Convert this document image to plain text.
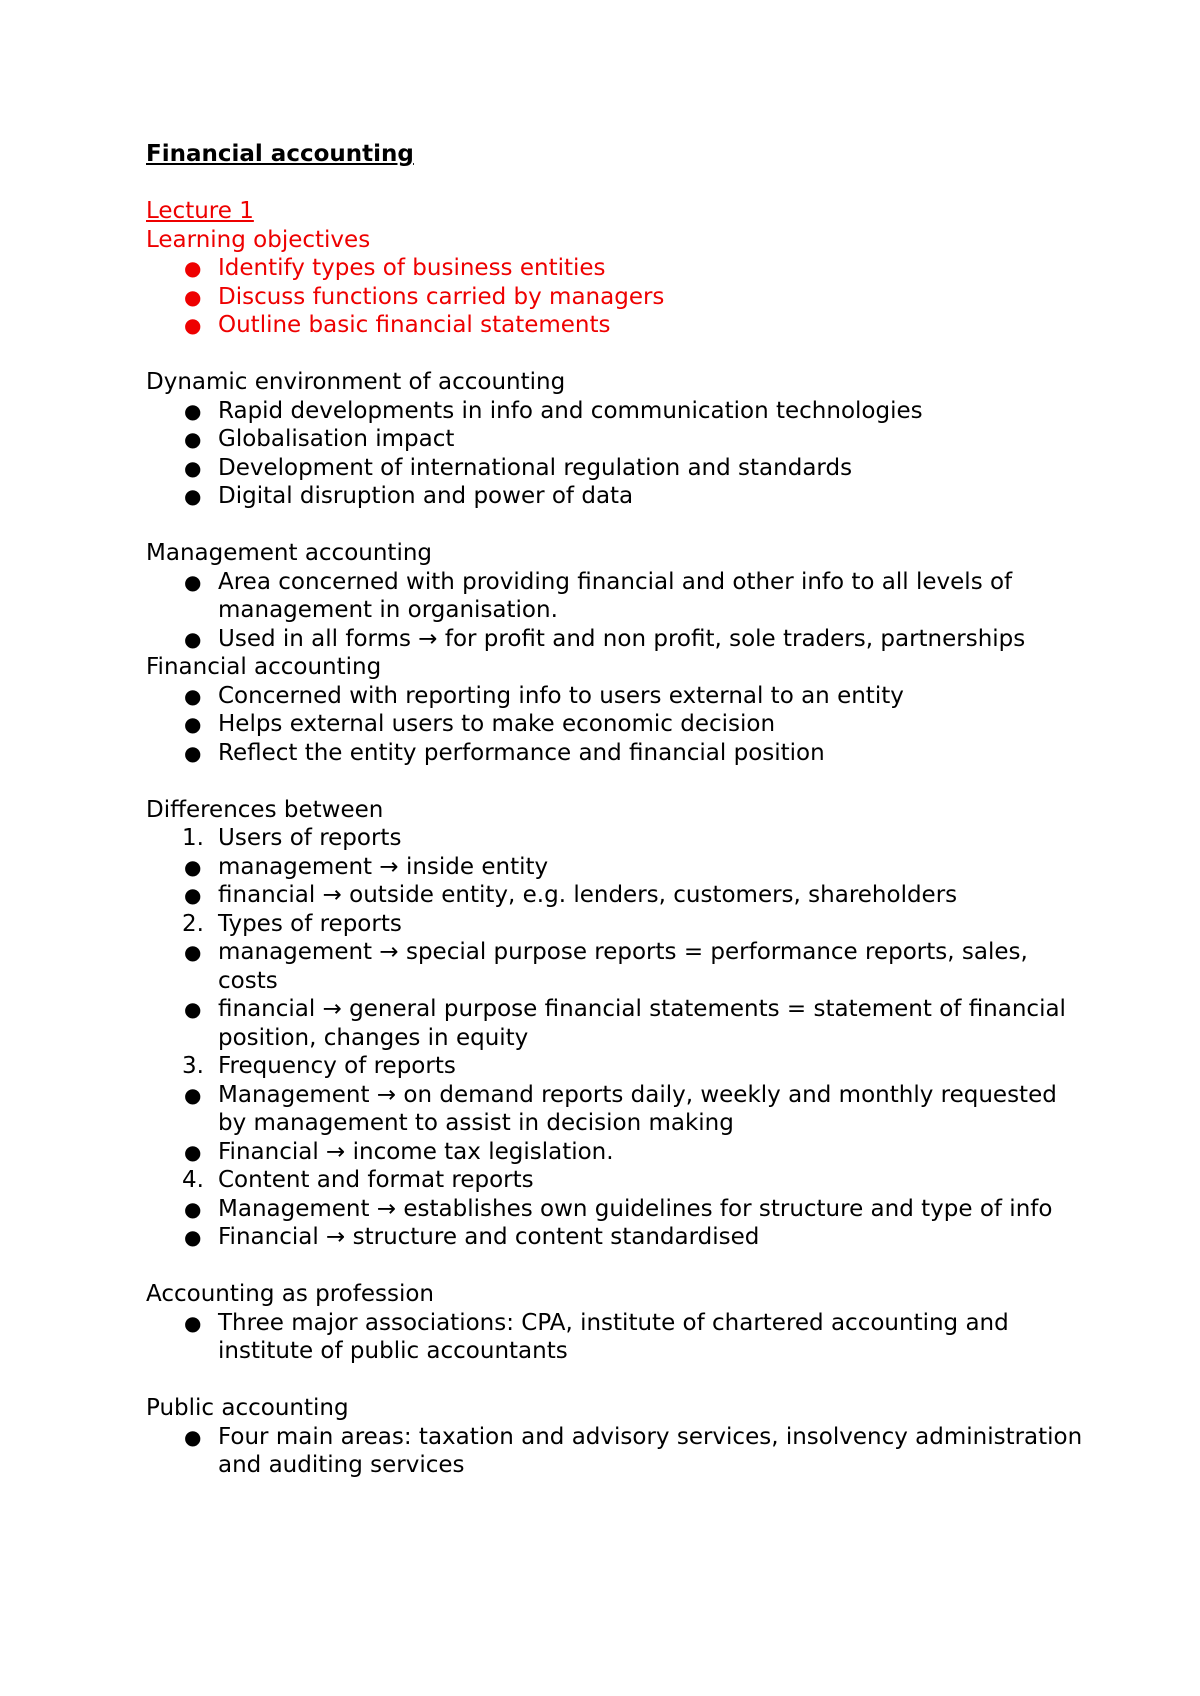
Financial accounting
Lecture 1
Learning objectives
● Identify types of business entities
● Discuss functions carried by managers
● Outline basic financial statements
Dynamic environment of accounting
● Rapid developments in info and communication technologies
● Globalisation impact
● Development of international regulation and standards
● Digital disruption and power of data
Management accounting
● Area concerned with providing financial and other info to all levels of management in organisation.
● Used in all forms → for profit and non profit, sole traders, partnerships
Financial accounting
● Concerned with reporting info to users external to an entity
● Helps external users to make economic decision
● Reflect the entity performance and financial position
Differences between
1. Users of reports
● management → inside entity
● financial → outside entity, e.g. lenders, customers, shareholders
2. Types of reports
● management → special purpose reports = performance reports, sales, costs
● financial → general purpose financial statements = statement of financial position, changes in equity
3. Frequency of reports
● Management → on demand reports daily, weekly and monthly requested by management to assist in decision making
● Financial → income tax legislation.
4. Content and format reports
● Management → establishes own guidelines for structure and type of info
● Financial → structure and content standardised
Accounting as profession
● Three major associations: CPA, institute of chartered accounting and institute of public accountants
Public accounting
● Four main areas: taxation and advisory services, insolvency administration and auditing services
